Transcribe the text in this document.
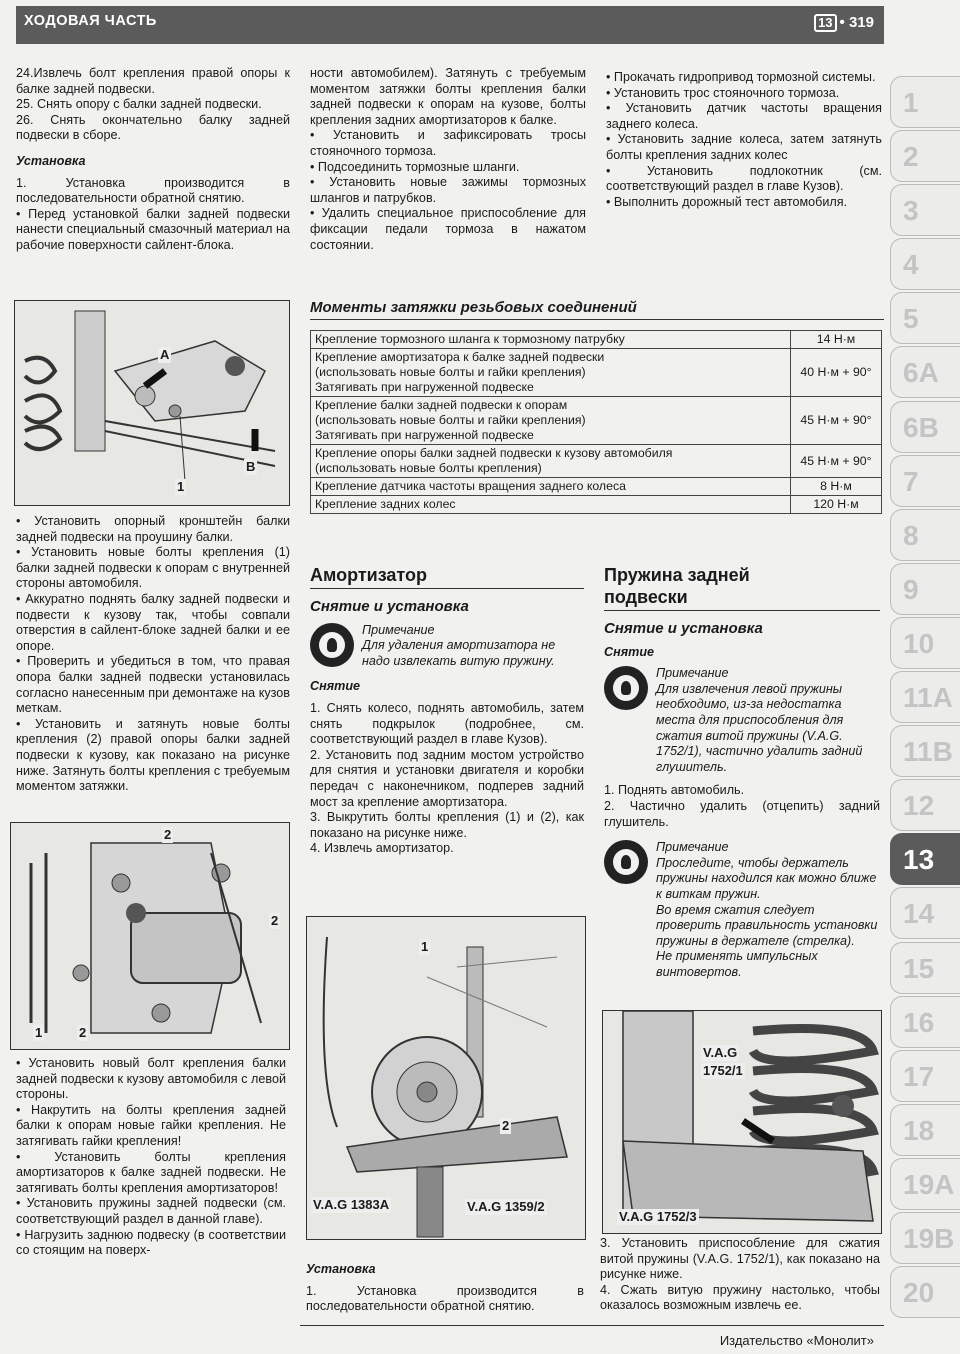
ХОДОВАЯ ЧАСТЬ	13 • 319

24.Извлечь болт крепления правой опоры к балке задней подвески.

25. Снять опору с балки задней подвески.

26. Снять окончательно балку задней подвески в сборе.

Установка

1. Установка производится в последовательности обратной снятию.

• Перед установкой балки задней подвески нанести специальный смазочный материал на рабочие поверхности сайлент-блока.

A
B
1

• Установить опорный кронштейн балки задней подвески на проушину балки.

• Установить новые болты крепления (1) балки задней подвески к опорам с внутренней стороны автомобиля.

• Аккуратно поднять балку задней подвески и подвести к кузову так, чтобы совпали отверстия в сайлент-блоке задней балки и ее опоре.

• Проверить и убедиться в том, что правая опора балки задней подвески установилась согласно нанесенным при демонтаже на кузов меткам.

• Установить и затянуть новые болты крепления (2) правой опоры балки задней подвески к кузову, как показано на рисунке ниже. Затянуть болты крепления с требуемым моментом затяжки.

2
2
1	2

• Установить новый болт крепления балки задней подвески к кузову автомобиля с левой стороны.

• Накрутить на болты крепления задней балки к опорам новые гайки крепления. Не затягивать гайки крепления!

• Установить болты крепления амортизаторов к балке задней подвески. Не затягивать болты крепления амортизаторов!

• Установить пружины задней подвески (см. соответствующий раздел в данной главе).

• Нагрузить заднюю подвеску (в соответствии со стоящим на поверх-

ности автомобилем). Затянуть с требуемым моментом затяжки болты крепления балки задней подвески к опорам на кузове, болты крепления задних амортизаторов к балке.

• Установить и зафиксировать тросы стояночного тормоза.

• Подсоединить тормозные шланги.

• Установить новые зажимы тормозных шлангов и патрубков.

• Удалить специальное приспособление для фиксации педали тормоза в нажатом состоянии.

• Прокачать гидропривод тормозной системы.

• Установить трос стояночного тормоза.

• Установить датчик частоты вращения заднего колеса.

• Установить задние колеса, затем затянуть болты крепления задних колес

• Установить подлокотник (см. соответствующий раздел в главе Кузов).

• Выполнить дорожный тест автомобиля.

Моменты затяжки резьбовых соединений
Крепление тормозного шланга к тормозному патрубку	14 Н·м
Крепление амортизатора к балке задней подвески
(использовать новые болты и гайки крепления)
Затягивать при нагруженной подвеске	40 Н·м + 90°
Крепление балки задней подвески к опорам
(использовать новые болты и гайки крепления)
Затягивать при нагруженной подвеске	45 Н·м + 90°
Крепление опоры балки задней подвески к кузову автомобиля
(использовать новые болты крепления)	45 Н·м + 90°
Крепление датчика частоты вращения заднего колеса	8 Н·м
Крепление задних колес	120 Н·м
Амортизатор
Снятие и установка
Примечание
Для удаления амортизатора не надо извлекать витую пружину.
Снятие

1. Снять колесо, поднять автомобиль, затем снять подкрылок (подробнее, см. соответствующий раздел в главе Кузов).

2. Установить под задним мостом устройство для снятия и установки двигателя и коробки передач с наконечником, подперев задний мост за крепление амортизатора.

3. Выкрутить болты крепления (1) и (2), как показано на рисунке ниже.

4. Извлечь амортизатор.

1
2
V.A.G 1383A	V.A.G 1359/2
Установка

1. Установка производится в последовательности обратной снятию.

Пружина задней
подвески
Снятие и установка
Снятие
Примечание
Для извлечения левой пружины необходимо, из-за недостатка места для приспособления для сжатия витой пружины (V.A.G. 1752/1), частично удалить задний глушитель.

1. Поднять автомобиль.

2. Частично удалить (отцепить) задний глушитель.

Примечание
Проследите, чтобы держатель пружины находился как можно ближе к виткам пружин.
Во время сжатия следует проверить правильность установки пружины в держателе (стрелка).
Не применять импульсных винтовертов.
V.A.G
1752/1
V.A.G 1752/3

3. Установить приспособление для сжатия витой пружины (V.A.G. 1752/1), как показано на рисунке ниже.

4. Сжать витую пружину настолько, чтобы оказалось возможным извлечь ее.

1
2
3
4
5
6A
6B
7
8
9
10
11A
11B
12
13
14
15
16
17
18
19A
19B
20
Издательство «Монолит»
